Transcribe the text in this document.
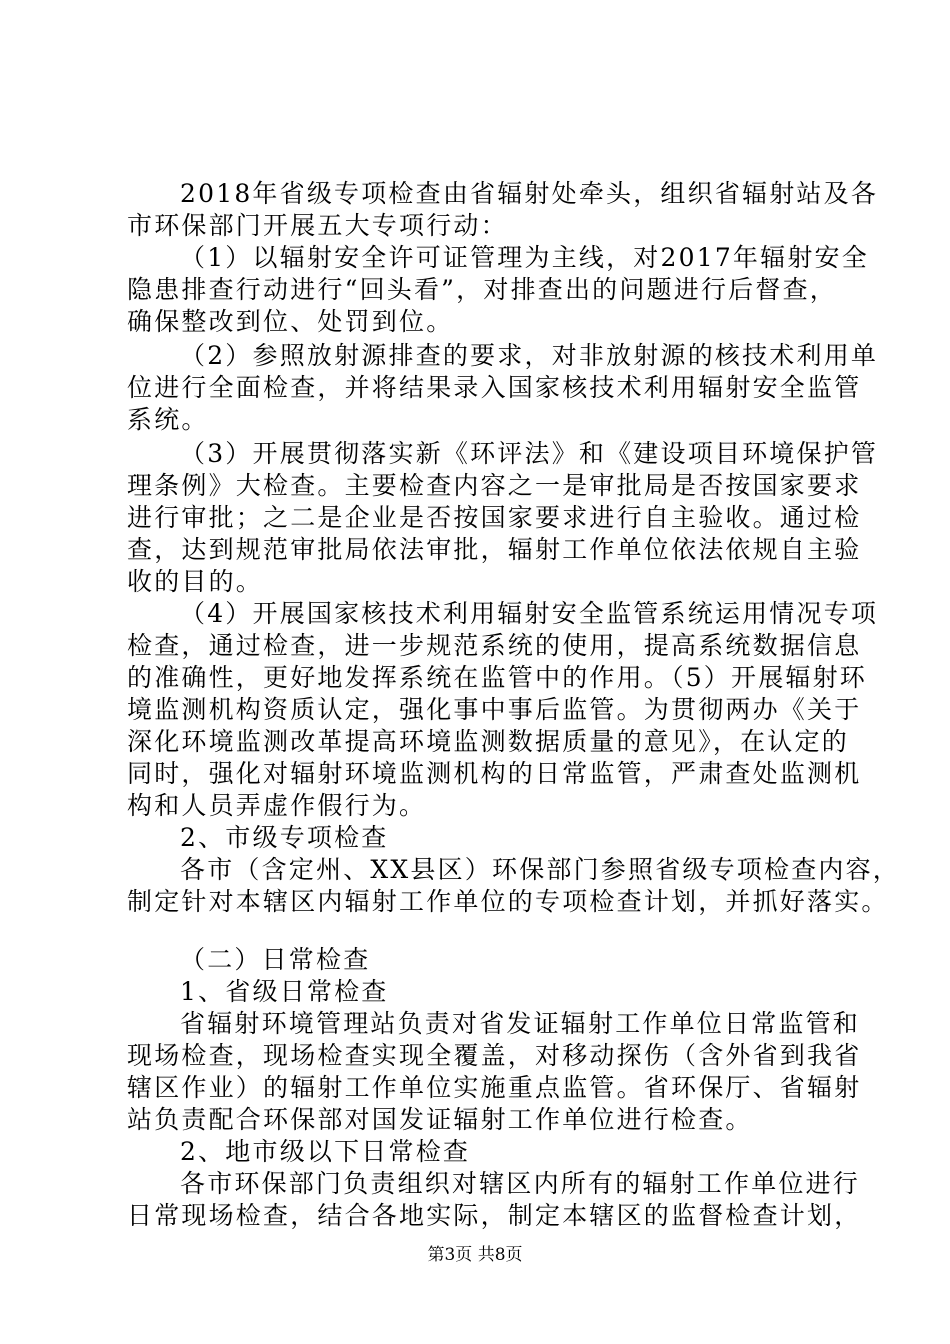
2018年省级专项检查由省辐射处牵头，组织省辐射站及各
市环保部门开展五大专项行动：
（1）以辐射安全许可证管理为主线，对2017年辐射安全
隐患排查行动进行“回头看”，对排查出的问题进行后督查，
确保整改到位、处罚到位。
（2）参照放射源排查的要求，对非放射源的核技术利用单
位进行全面检查，并将结果录入国家核技术利用辐射安全监管
系统。
（3）开展贯彻落实新《环评法》和《建设项目环境保护管
理条例》大检查。主要检查内容之一是审批局是否按国家要求
进行审批；之二是企业是否按国家要求进行自主验收。通过检
查，达到规范审批局依法审批，辐射工作单位依法依规自主验
收的目的。
（4）开展国家核技术利用辐射安全监管系统运用情况专项
检查，通过检查，进一步规范系统的使用，提高系统数据信息
的准确性，更好地发挥系统在监管中的作用。（5）开展辐射环
境监测机构资质认定，强化事中事后监管。为贯彻两办《关于
深化环境监测改革提高环境监测数据质量的意见》，在认定的
同时，强化对辐射环境监测机构的日常监管，严肃查处监测机
构和人员弄虚作假行为。
2、市级专项检查
各市（含定州、XX县区）环保部门参照省级专项检查内容，
制定针对本辖区内辐射工作单位的专项检查计划，并抓好落实。
（二）日常检查
1、省级日常检查
省辐射环境管理站负责对省发证辐射工作单位日常监管和
现场检查，现场检查实现全覆盖，对移动探伤（含外省到我省
辖区作业）的辐射工作单位实施重点监管。省环保厅、省辐射
站负责配合环保部对国发证辐射工作单位进行检查。
2、地市级以下日常检查
各市环保部门负责组织对辖区内所有的辐射工作单位进行
日常现场检查，结合各地实际，制定本辖区的监督检查计划，
第3页 共8页
